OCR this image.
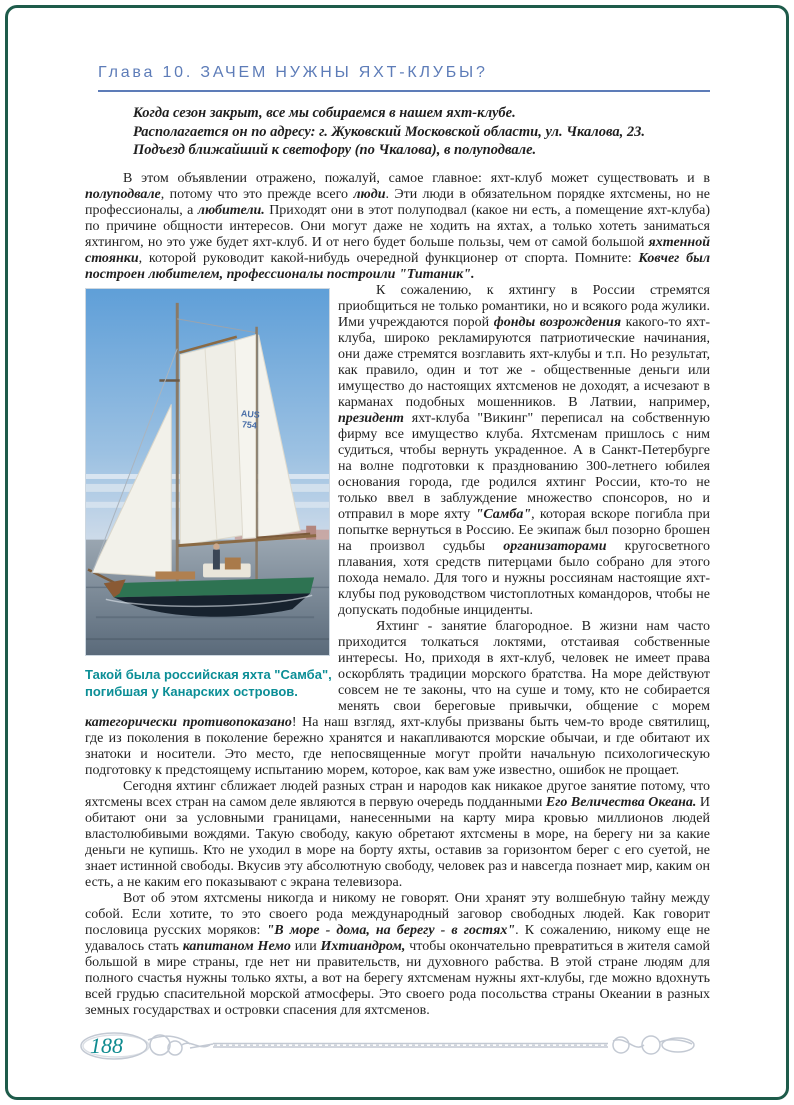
Глава 10. ЗАЧЕМ НУЖНЫ ЯХТ-КЛУБЫ?
Когда сезон закрыт, все мы собираемся в нашем яхт-клубе.
Располагается он по адресу: г. Жуковский Московской области, ул. Чкалова, 23.
Подъезд ближайший к светофору (по Чкалова), в полуподвале.

В этом объявлении отражено, пожалуй, самое главное: яхт-клуб может существовать и в полуподвале, потому что это прежде всего люди. Эти люди в обязательном порядке яхтсмены, но не профессионалы, а любители. Приходят они в этот полуподвал (какое ни есть, а помещение яхт-клуба) по причине общности интересов. Они могут даже не ходить на яхтах, а только хотеть заниматься яхтингом, но это уже будет яхт-клуб. И от него будет больше пользы, чем от самой большой яхтенной стоянки, которой руководит какой-нибудь очередной функционер от спорта. Помните: Ковчег был построен любителем, профессионалы построили "Титаник".

AUS
754
Такой была российская яхта "Самба", погибшая у Канарских островов.

К сожалению, к яхтингу в России стремятся приобщиться не только романтики, но и всякого рода жулики. Ими учреждаются порой фонды возрождения какого-то яхт-клуба, широко рекламируются патриотические начинания, они даже стремятся возглавить яхт-клубы и т.п. Но результат, как правило, один и тот же - общественные деньги или имущество до настоящих яхтсменов не доходят, а исчезают в карманах подобных мошенников. В Латвии, например, президент яхт-клуба "Викинг" переписал на собственную фирму все имущество клуба. Яхтсменам пришлось с ним судиться, чтобы вернуть украденное. А в Санкт-Петербурге на волне подготовки к празднованию 300-летнего юбилея основания города, где родился яхтинг России, кто-то не только ввел в заблуждение множество спонсоров, но и отправил в море яхту "Самба", которая вскоре погибла при попытке вернуться в Россию. Ее экипаж был позорно брошен на произвол судьбы организаторами кругосветного плавания, хотя средств питерцами было собрано для этого похода немало. Для того и нужны россиянам настоящие яхт-клубы под руководством чистоплотных командоров, чтобы не допускать подобные инциденты.

Яхтинг - занятие благородное. В жизни нам часто приходится толкаться локтями, отстаивая собственные интересы. Но, приходя в яхт-клуб, человек не имеет права оскорблять традиции морского братства. На море действуют совсем не те законы, что на суше и тому, кто не собирается менять свои береговые привычки, общение с морем категорически противопоказано! На наш взгляд, яхт-клубы призваны быть чем-то вроде святилищ, где из поколения в поколение бережно хранятся и накапливаются морские обычаи, и где обитают их знатоки и носители. Это место, где непосвященные могут пройти начальную психологическую подготовку к предстоящему испытанию морем, которое, как вам уже известно, ошибок не прощает.

Сегодня яхтинг сближает людей разных стран и народов как никакое другое занятие потому, что яхтсмены всех стран на самом деле являются в первую очередь подданными Его Величества Океана. И обитают они за условными границами, нанесенными на карту мира кровью миллионов людей властолюбивыми вождями. Такую свободу, какую обретают яхтсмены в море, на берегу ни за какие деньги не купишь. Кто не уходил в море на борту яхты, оставив за горизонтом берег с его суетой, не знает истинной свободы. Вкусив эту абсолютную свободу, человек раз и навсегда познает мир, каким он есть, а не каким его показывают с экрана телевизора.

Вот об этом яхтсмены никогда и никому не говорят. Они хранят эту волшебную тайну между собой. Если хотите, то это своего рода международный заговор свободных людей. Как говорит пословица русских моряков: "В море - дома, на берегу - в гостях". К сожалению, никому еще не удавалось стать капитаном Немо или Ихтиандром, чтобы окончательно превратиться в жителя самой большой в мире страны, где нет ни правительств, ни духовного рабства. В этой стране людям для полного счастья нужны только яхты, а вот на берегу яхтсменам нужны яхт-клубы, где можно вдохнуть всей грудью спасительной морской атмосферы. Это своего рода посольства страны Океании в разных земных государствах и островки спасения для яхтсменов.

188
